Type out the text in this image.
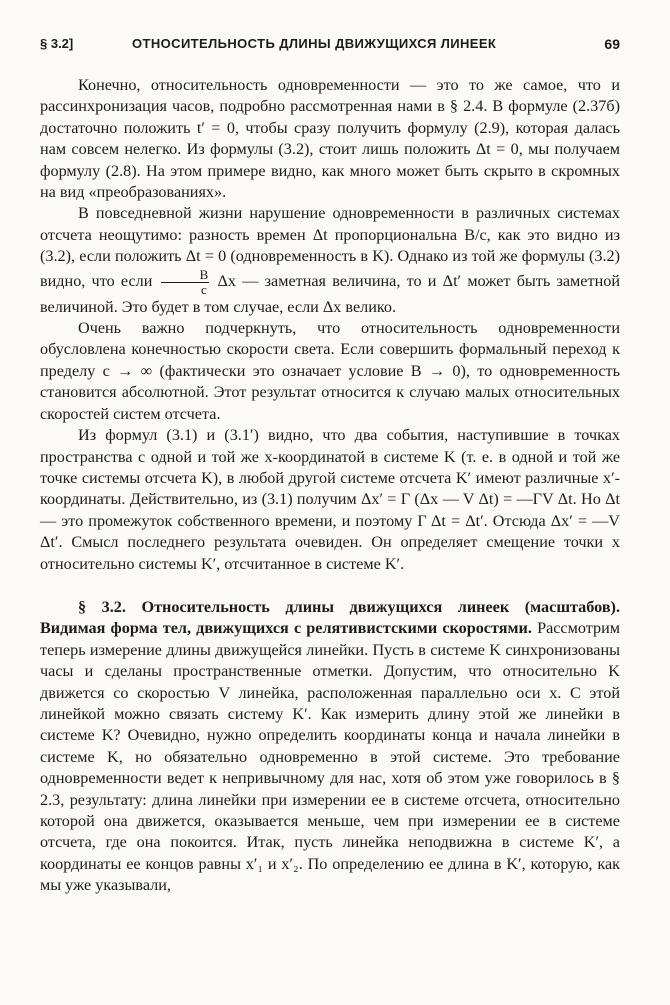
§ 3.2]	ОТНОСИТЕЛЬНОСТЬ ДЛИНЫ ДВИЖУЩИХСЯ ЛИНЕЕК	69

Конечно, относительность одновременности — это то же самое, что и рассинхронизация часов, подробно рассмотренная нами в § 2.4. В формуле (2.37б) достаточно положить t′ = 0, чтобы сразу получить формулу (2.9), которая далась нам совсем нелегко. Из формулы (3.2), стоит лишь положить Δt = 0, мы получаем формулу (2.8). На этом примере видно, как много может быть скрыто в скромных на вид «преобразованиях».

В повседневной жизни нарушение одновременности в различных системах отсчета неощутимо: разность времен Δt пропорциональна В/c, как это видно из (3.2), если положить Δt = 0 (одновременность в K). Однако из той же формулы (3.2) видно, что если $\frac{В}{c}$ Δx — заметная величина, то и Δt′ может быть заметной величиной. Это будет в том случае, если Δx велико.

Очень важно подчеркнуть, что относительность одновременности обусловлена конечностью скорости света. Если совершить формальный переход к пределу c → ∞ (фактически это означает условие В → 0), то одновременность становится абсолютной. Этот результат относится к случаю малых относительных скоростей систем отсчета.

Из формул (3.1) и (3.1′) видно, что два события, наступившие в точках пространства с одной и той же x-координатой в системе K (т. е. в одной и той же точке системы отсчета K), в любой другой системе отсчета K′ имеют различные x′-координаты. Действительно, из (3.1) получим Δx′ = Γ (Δx — V Δt) = —ΓV Δt. Но Δt — это промежуток собственного времени, и поэтому Γ Δt = Δt′. Отсюда Δx′ = —V Δt′. Смысл последнего результата очевиден. Он определяет смещение точки x относительно системы K′, отсчитанное в системе K′.

§ 3.2. Относительность длины движущихся линеек (масштабов). Видимая форма тел, движущихся с релятивистскими скоростями. Рассмотрим теперь измерение длины движущейся линейки. Пусть в системе K синхронизованы часы и сделаны пространственные отметки. Допустим, что относительно K движется со скоростью V линейка, расположенная параллельно оси x. С этой линейкой можно связать систему K′. Как измерить длину этой же линейки в системе K? Очевидно, нужно определить координаты конца и начала линейки в системе K, но обязательно одновременно в этой системе. Это требование одновременности ведет к непривычному для нас, хотя об этом уже говорилось в § 2.3, результату: длина линейки при измерении ее в системе отсчета, относительно которой она движется, оказывается меньше, чем при измерении ее в системе отсчета, где она покоится. Итак, пусть линейка неподвижна в системе K′, а координаты ее концов равны x′₁ и x′₂. По определению ее длина в K′, которую, как мы уже указывали,
